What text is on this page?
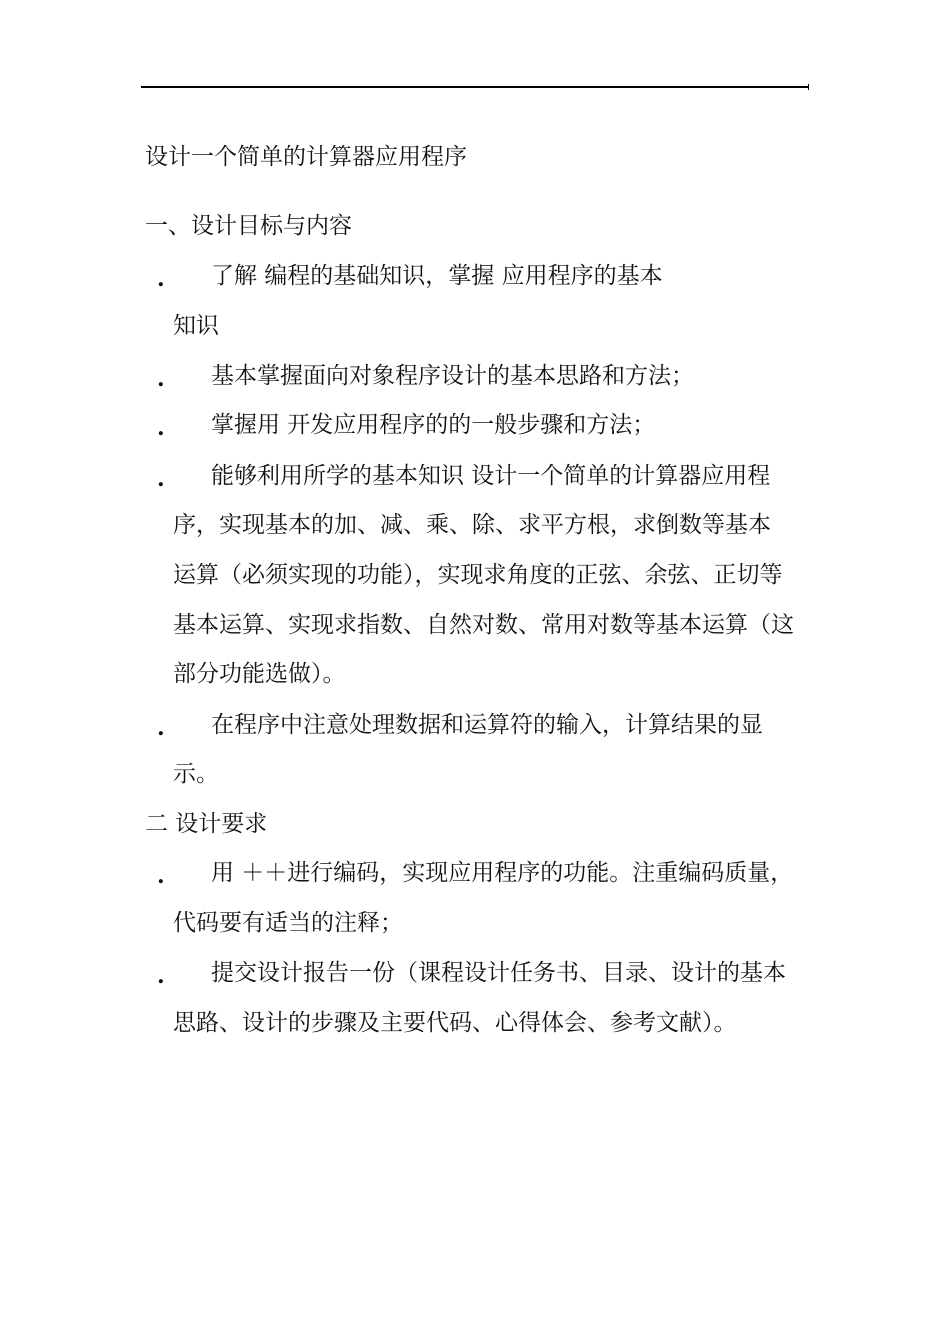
设计一个简单的计算器应用程序

一、设计目标与内容

. 了解 编程的基础知识，掌握 应用程序的基本

知识

. 基本掌握面向对象程序设计的基本思路和方法；

. 掌握用 开发应用程序的的一般步骤和方法；

. 能够利用所学的基本知识 设计一个简单的计算器应用程

序，实现基本的加、减、乘、除、求平方根，求倒数等基本

运算（必须实现的功能），实现求角度的正弦、余弦、正切等

基本运算、实现求指数、自然对数、常用对数等基本运算（这

部分功能选做）。

. 在程序中注意处理数据和运算符的输入，计算结果的显

示。

二 设计要求

. 用 ＋＋进行编码，实现应用程序的功能。注重编码质量，

代码要有适当的注释；

. 提交设计报告一份（课程设计任务书、目录、设计的基本

思路、设计的步骤及主要代码、心得体会、参考文献）。
